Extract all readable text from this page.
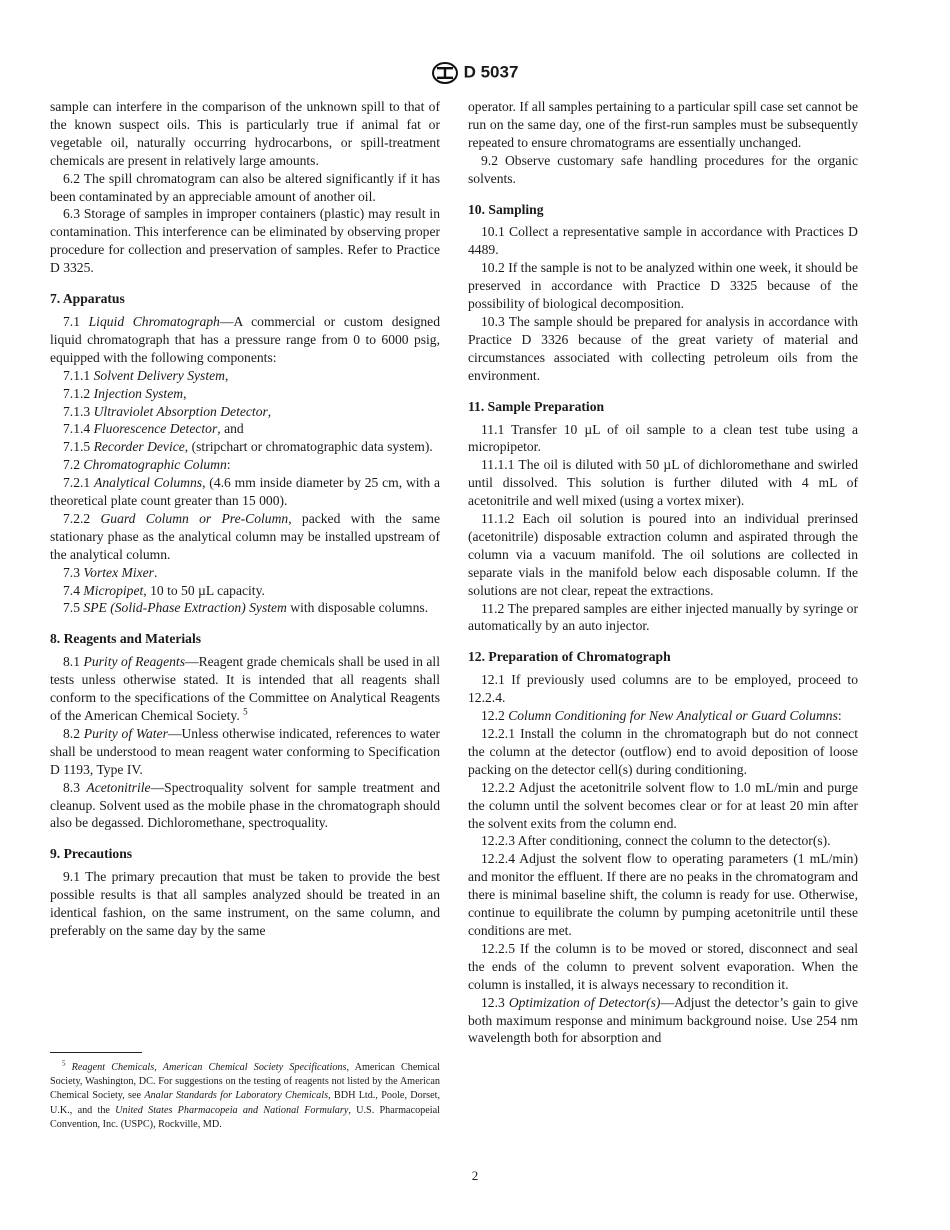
D 5037

sample can interfere in the comparison of the unknown spill to that of the known suspect oils. This is particularly true if animal fat or vegetable oil, naturally occurring hydrocarbons, or spill-treatment chemicals are present in relatively large amounts.

6.2 The spill chromatogram can also be altered significantly if it has been contaminated by an appreciable amount of another oil.

6.3 Storage of samples in improper containers (plastic) may result in contamination. This interference can be eliminated by observing proper procedure for collection and preservation of samples. Refer to Practice D 3325.

7. Apparatus

7.1 Liquid Chromatograph—A commercial or custom designed liquid chromatograph that has a pressure range from 0 to 6000 psig, equipped with the following components:

7.1.1 Solvent Delivery System,

7.1.2 Injection System,

7.1.3 Ultraviolet Absorption Detector,

7.1.4 Fluorescence Detector, and

7.1.5 Recorder Device, (stripchart or chromatographic data system).

7.2 Chromatographic Column:

7.2.1 Analytical Columns, (4.6 mm inside diameter by 25 cm, with a theoretical plate count greater than 15 000).

7.2.2 Guard Column or Pre-Column, packed with the same stationary phase as the analytical column may be installed upstream of the analytical column.

7.3 Vortex Mixer.

7.4 Micropipet, 10 to 50 µL capacity.

7.5 SPE (Solid-Phase Extraction) System with disposable columns.

8. Reagents and Materials

8.1 Purity of Reagents—Reagent grade chemicals shall be used in all tests unless otherwise stated. It is intended that all reagents shall conform to the specifications of the Committee on Analytical Reagents of the American Chemical Society. $^5$

8.2 Purity of Water—Unless otherwise indicated, references to water shall be understood to mean reagent water conforming to Specification D 1193, Type IV.

8.3 Acetonitrile—Spectroquality solvent for sample treatment and cleanup. Solvent used as the mobile phase in the chromatograph should also be degassed. Dichloromethane, spectroquality.

9. Precautions

9.1 The primary precaution that must be taken to provide the best possible results is that all samples analyzed should be treated in an identical fashion, on the same instrument, on the same column, and preferably on the same day by the same

$^5$ Reagent Chemicals, American Chemical Society Specifications, American Chemical Society, Washington, DC. For suggestions on the testing of reagents not listed by the American Chemical Society, see Analar Standards for Laboratory Chemicals, BDH Ltd., Poole, Dorset, U.K., and the United States Pharmacopeia and National Formulary, U.S. Pharmacopeial Convention, Inc. (USPC), Rockville, MD.

operator. If all samples pertaining to a particular spill case set cannot be run on the same day, one of the first-run samples must be subsequently repeated to ensure chromatograms are essentially unchanged.

9.2 Observe customary safe handling procedures for the organic solvents.

10. Sampling

10.1 Collect a representative sample in accordance with Practices D 4489.

10.2 If the sample is not to be analyzed within one week, it should be preserved in accordance with Practice D 3325 because of the possibility of biological decomposition.

10.3 The sample should be prepared for analysis in accordance with Practice D 3326 because of the great variety of material and circumstances associated with collecting petroleum oils from the environment.

11. Sample Preparation

11.1 Transfer 10 µL of oil sample to a clean test tube using a micropipetor.

11.1.1 The oil is diluted with 50 µL of dichloromethane and swirled until dissolved. This solution is further diluted with 4 mL of acetonitrile and well mixed (using a vortex mixer).

11.1.2 Each oil solution is poured into an individual prerinsed (acetonitrile) disposable extraction column and aspirated through the column via a vacuum manifold. The oil solutions are collected in separate vials in the manifold below each disposable column. If the solutions are not clear, repeat the extractions.

11.2 The prepared samples are either injected manually by syringe or automatically by an auto injector.

12. Preparation of Chromatograph

12.1 If previously used columns are to be employed, proceed to 12.2.4.

12.2 Column Conditioning for New Analytical or Guard Columns:

12.2.1 Install the column in the chromatograph but do not connect the column at the detector (outflow) end to avoid deposition of loose packing on the detector cell(s) during conditioning.

12.2.2 Adjust the acetonitrile solvent flow to 1.0 mL/min and purge the column until the solvent becomes clear or for at least 20 min after the solvent exits from the column end.

12.2.3 After conditioning, connect the column to the detector(s).

12.2.4 Adjust the solvent flow to operating parameters (1 mL/min) and monitor the effluent. If there are no peaks in the chromatogram and there is minimal baseline shift, the column is ready for use. Otherwise, continue to equilibrate the column by pumping acetonitrile until these conditions are met.

12.2.5 If the column is to be moved or stored, disconnect and seal the ends of the column to prevent solvent evaporation. When the column is installed, it is always necessary to recondition it.

12.3 Optimization of Detector(s)—Adjust the detector’s gain to give both maximum response and minimum background noise. Use 254 nm wavelength both for absorption and

2
